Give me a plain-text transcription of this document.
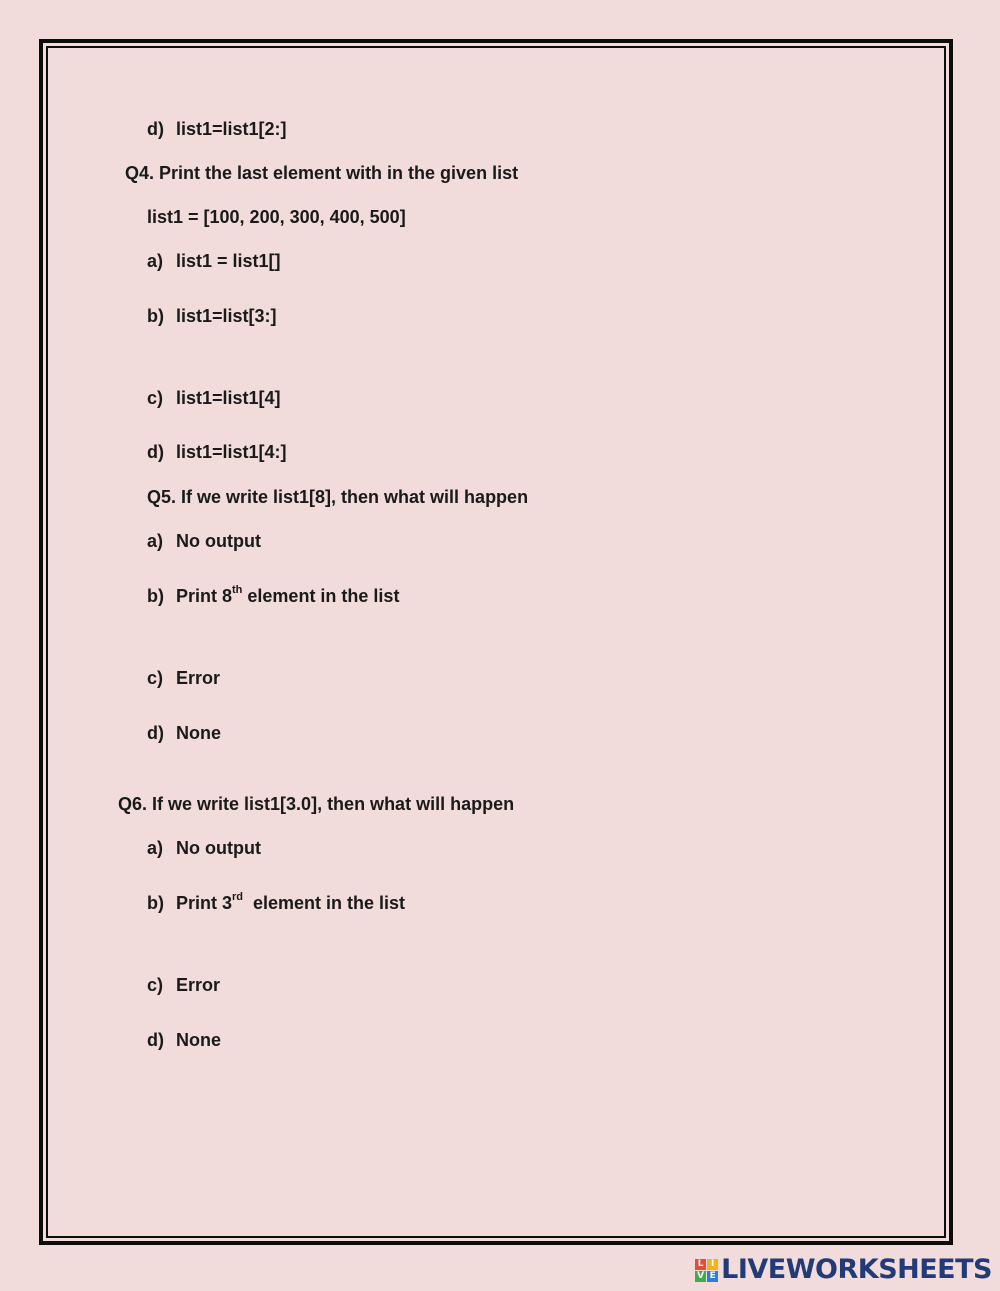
d) list1=list1[2:]
Q4. Print the last element with in the given list
list1 = [100, 200, 300, 400, 500]
a) list1 = list1[]
b) list1=list[3:]
c) list1=list1[4]
d) list1=list1[4:]
Q5. If we write list1[8], then what will happen
a) No output
b) Print 8th element in the list
c) Error
d) None
Q6. If we write list1[3.0], then what will happen
a) No output
b) Print 3rd  element in the list
c) Error
d) None
L I
V E LIVEWORKSHEETS
